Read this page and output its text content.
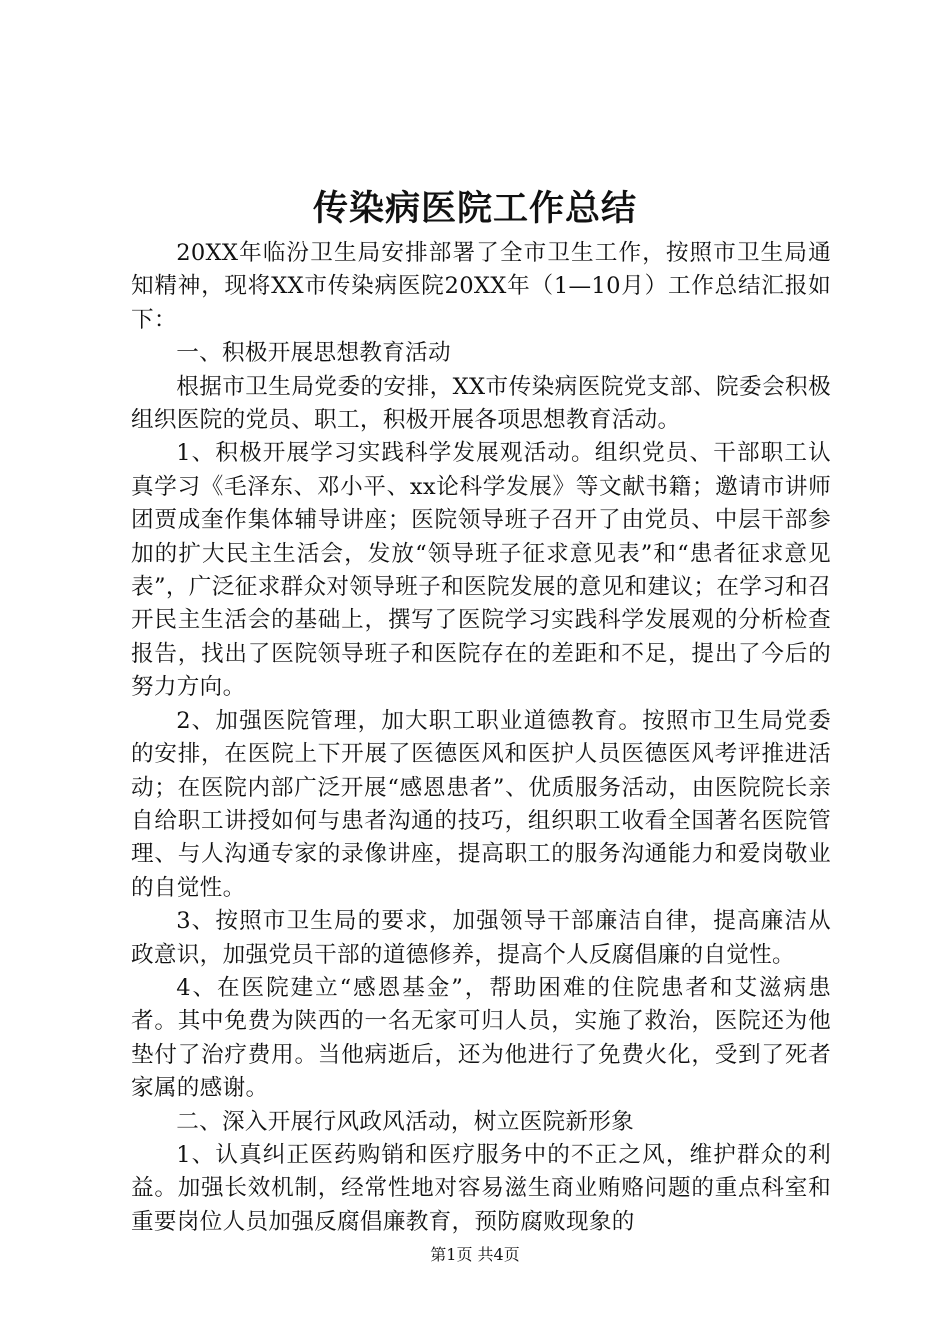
传染病医院工作总结

20XX年临汾卫生局安排部署了全市卫生工作，按照市卫生局通知精神，现将XX市传染病医院20XX年（1—10月）工作总结汇报如下：

一、积极开展思想教育活动

根据市卫生局党委的安排，XX市传染病医院党支部、院委会积极组织医院的党员、职工，积极开展各项思想教育活动。

1、积极开展学习实践科学发展观活动。组织党员、干部职工认真学习《毛泽东、邓小平、xx论科学发展》等文献书籍；邀请市讲师团贾成奎作集体辅导讲座；医院领导班子召开了由党员、中层干部参加的扩大民主生活会，发放“领导班子征求意见表”和“患者征求意见表”，广泛征求群众对领导班子和医院发展的意见和建议；在学习和召开民主生活会的基础上，撰写了医院学习实践科学发展观的分析检查报告，找出了医院领导班子和医院存在的差距和不足，提出了今后的努力方向。

2、加强医院管理，加大职工职业道德教育。按照市卫生局党委的安排，在医院上下开展了医德医风和医护人员医德医风考评推进活动；在医院内部广泛开展“感恩患者”、优质服务活动，由医院院长亲自给职工讲授如何与患者沟通的技巧，组织职工收看全国著名医院管理、与人沟通专家的录像讲座，提高职工的服务沟通能力和爱岗敬业的自觉性。

3、按照市卫生局的要求，加强领导干部廉洁自律，提高廉洁从政意识，加强党员干部的道德修养，提高个人反腐倡廉的自觉性。

4、在医院建立“感恩基金”，帮助困难的住院患者和艾滋病患者。其中免费为陕西的一名无家可归人员，实施了救治，医院还为他垫付了治疗费用。当他病逝后，还为他进行了免费火化，受到了死者家属的感谢。

二、深入开展行风政风活动，树立医院新形象

1、认真纠正医药购销和医疗服务中的不正之风，维护群众的利益。加强长效机制，经常性地对容易滋生商业贿赂问题的重点科室和重要岗位人员加强反腐倡廉教育，预防腐败现象的

第1页 共4页
